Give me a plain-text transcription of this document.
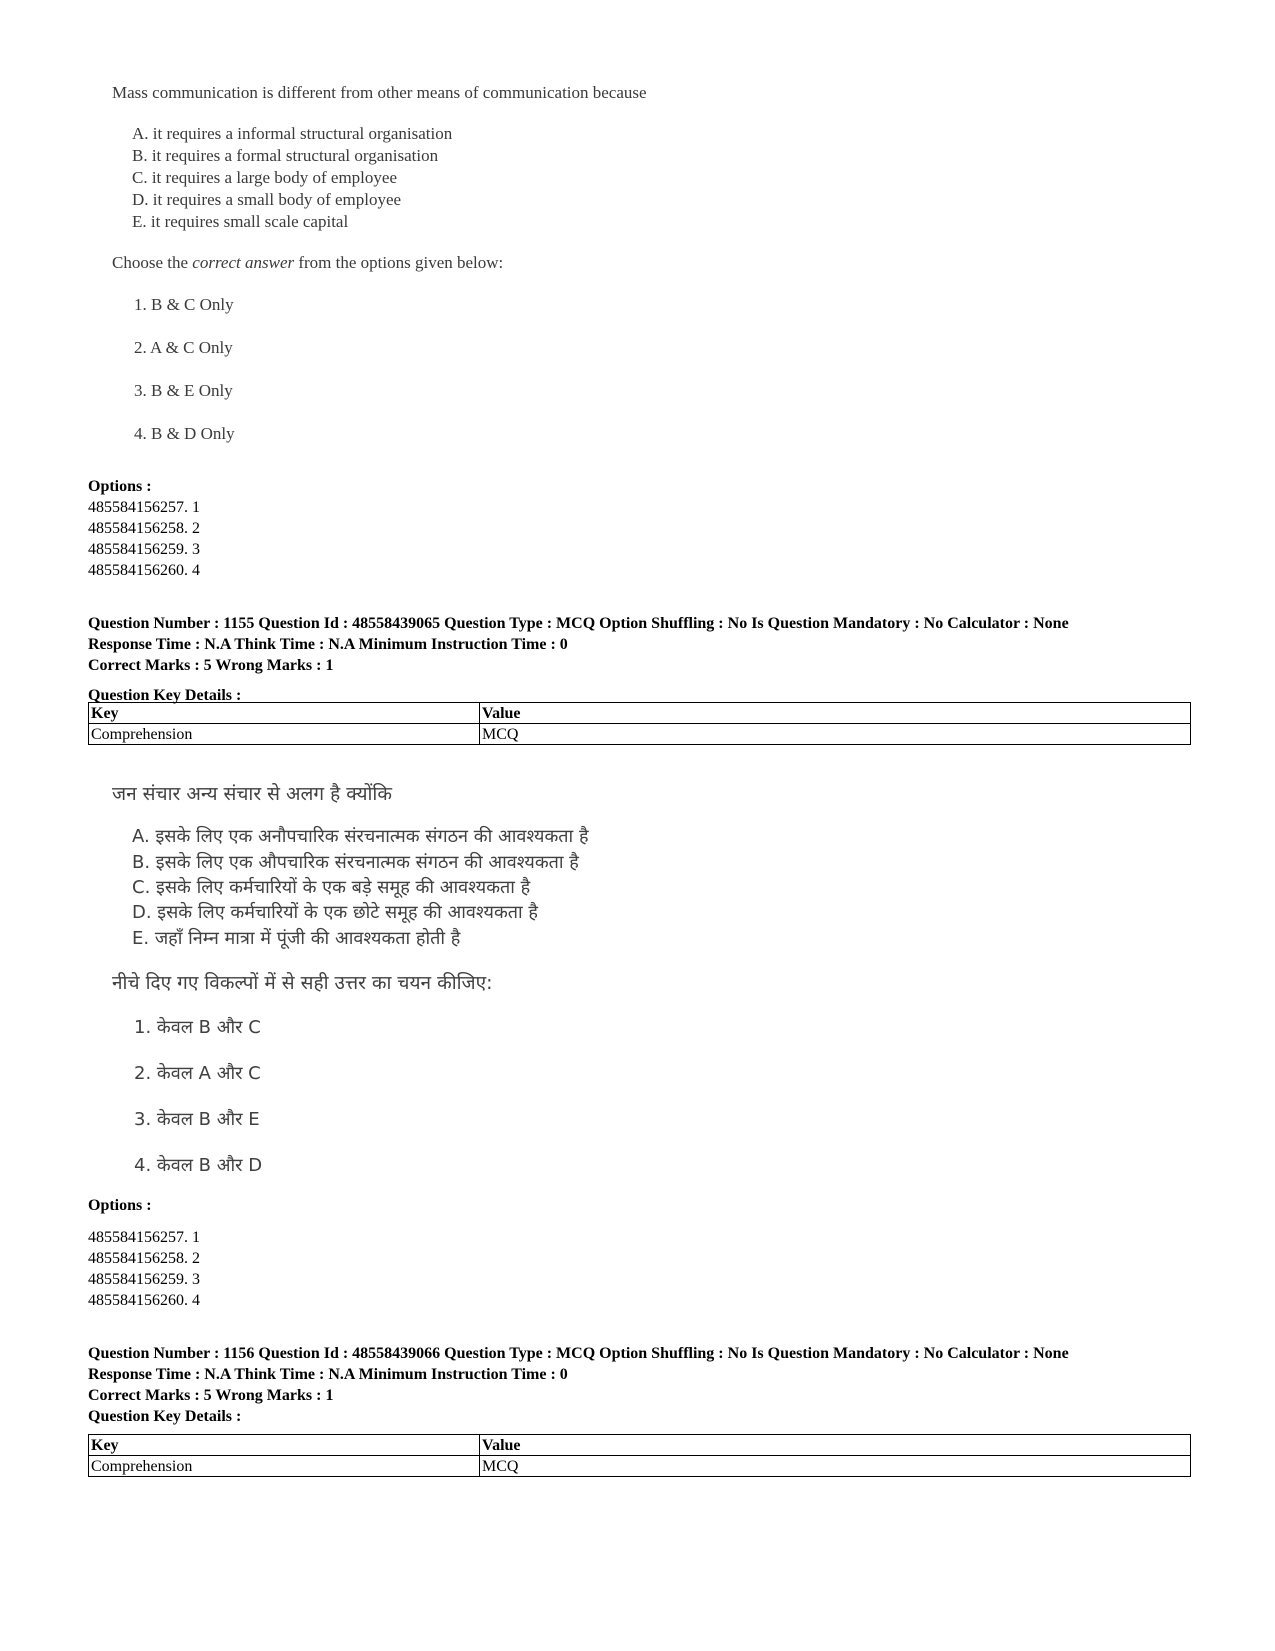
Mass communication is different from other means of communication because
A. it requires a informal structural organisation
B. it requires a formal structural organisation
C. it requires a large body of employee
D. it requires a small body of employee
E. it requires small scale capital
Choose the correct answer from the options given below:
1. B & C Only
2. A & C Only
3. B & E Only
4. B & D Only
Options :
485584156257. 1
485584156258. 2
485584156259. 3
485584156260. 4
Question Number : 1155 Question Id : 48558439065 Question Type : MCQ Option Shuffling : No Is Question Mandatory : No Calculator : None
Response Time : N.A Think Time : N.A Minimum Instruction Time : 0
Correct Marks : 5 Wrong Marks : 1
Question Key Details :
Key	Value
Comprehension	MCQ
जन संचार अन्य संचार से अलग है क्योंकि
A. इसके लिए एक अनौपचारिक संरचनात्मक संगठन की आवश्यकता है
B. इसके लिए एक औपचारिक संरचनात्मक संगठन की आवश्यकता है
C. इसके लिए कर्मचारियों के एक बड़े समूह की आवश्यकता है
D. इसके लिए कर्मचारियों के एक छोटे समूह की आवश्यकता है
E. जहाँ निम्न मात्रा में पूंजी की आवश्यकता होती है
नीचे दिए गए विकल्पों में से सही उत्तर का चयन कीजिए:
1. केवल B और C
2. केवल A और C
3. केवल B और E
4. केवल B और D
Options :
485584156257. 1
485584156258. 2
485584156259. 3
485584156260. 4
Question Number : 1156 Question Id : 48558439066 Question Type : MCQ Option Shuffling : No Is Question Mandatory : No Calculator : None
Response Time : N.A Think Time : N.A Minimum Instruction Time : 0
Correct Marks : 5 Wrong Marks : 1
Question Key Details :
Key	Value
Comprehension	MCQ
